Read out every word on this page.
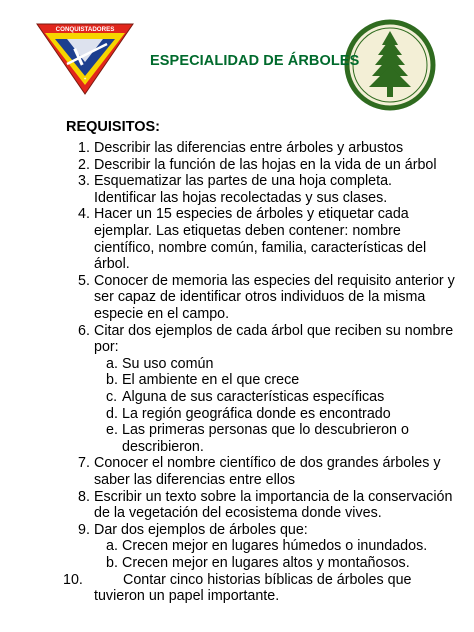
CONQUISTADORES
✦
ESPECIALIDAD DE ÁRBOLES
REQUISITOS:
1. Describir las diferencias entre árboles y arbustos
2. Describir la función de las hojas en la vida de un árbol
3. Esquematizar las partes de una hoja completa.
Identificar las hojas recolectadas y sus clases.
4. Hacer un 15 especies de árboles y etiquetar cada
ejemplar. Las etiquetas deben contener: nombre
científico, nombre común, familia, características del
árbol.
5. Conocer de memoria las especies del requisito anterior y
ser capaz de identificar otros individuos de la misma
especie en el campo.
6. Citar dos ejemplos de cada árbol que reciben su nombre
por:
a. Su uso común
b. El ambiente en el que crece
c. Alguna de sus características específicas
d. La región geográfica donde es encontrado
e. Las primeras personas que lo descubrieron o
describieron.
7. Conocer el nombre científico de dos grandes árboles y
saber las diferencias entre ellos
8. Escribir un texto sobre la importancia de la conservación
de la vegetación del ecosistema donde vives.
9. Dar dos ejemplos de árboles que:
a. Crecen mejor en lugares húmedos o inundados.
b. Crecen mejor en lugares altos y montañosos.
10.	Contar cinco historias bíblicas de árboles que
tuvieron un papel importante.
